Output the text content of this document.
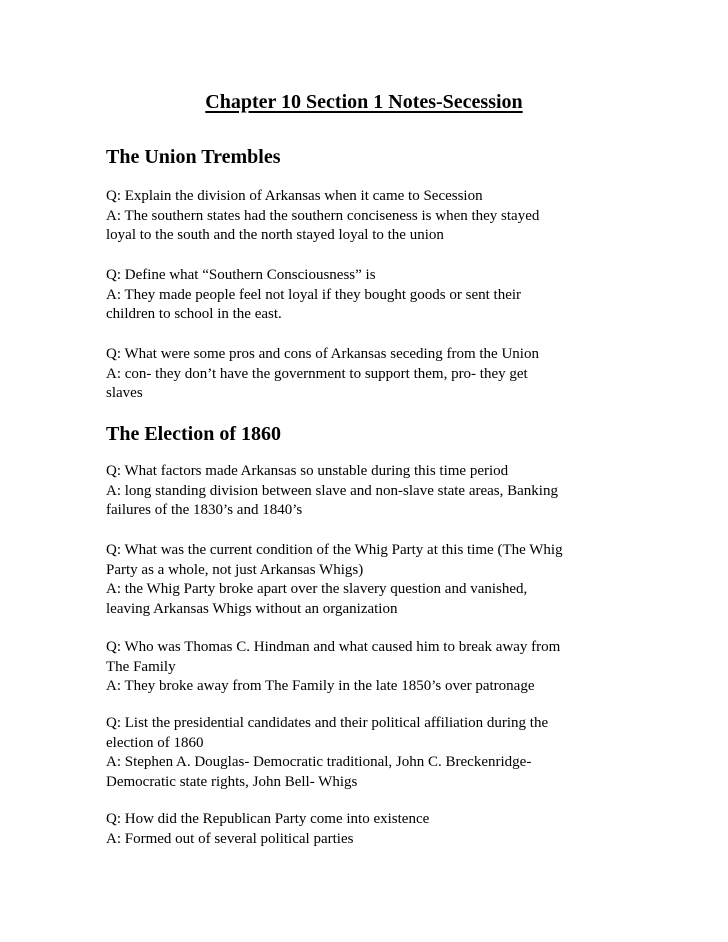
Chapter 10 Section 1 Notes-Secession
The Union Trembles
Q: Explain the division of Arkansas when it came to Secession
A: The southern states had the southern conciseness is when they stayed
loyal to the south and the north stayed loyal to the union
Q: Define what “Southern Consciousness” is
A: They made people feel not loyal if they bought goods or sent their
children to school in the east.
Q: What were some pros and cons of Arkansas seceding from the Union
A: con- they don’t have the government to support them, pro- they get
slaves
The Election of 1860
Q: What factors made Arkansas so unstable during this time period
A: long standing division between slave and non-slave state areas, Banking
failures of the 1830’s and 1840’s
Q: What was the current condition of the Whig Party at this time (The Whig
Party as a whole, not just Arkansas Whigs)
A: the Whig Party broke apart over the slavery question and vanished,
leaving Arkansas Whigs without an organization
Q: Who was Thomas C. Hindman and what caused him to break away from
The Family
A: They broke away from The Family in the late 1850’s over patronage
Q: List the presidential candidates and their political affiliation during the
election of 1860
A: Stephen A. Douglas- Democratic traditional, John C. Breckenridge-
Democratic state rights, John Bell- Whigs
Q: How did the Republican Party come into existence
A: Formed out of several political parties
